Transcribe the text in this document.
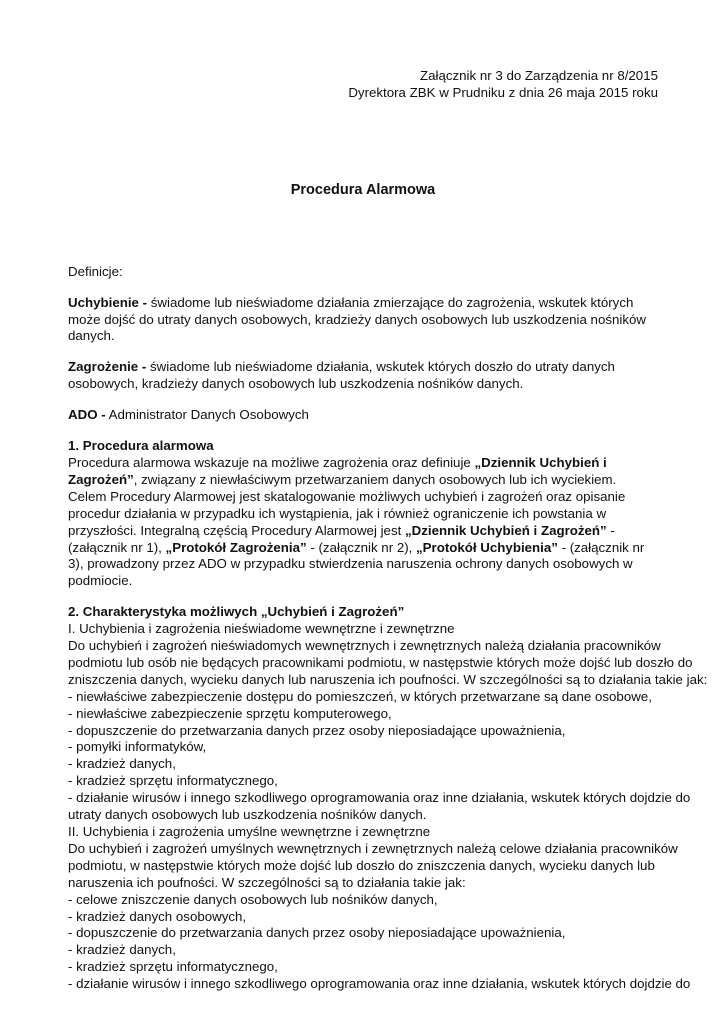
Załącznik nr 3 do Zarządzenia nr 8/2015
Dyrektora ZBK w Prudniku z dnia 26 maja 2015 roku
Procedura Alarmowa

Definicje:

Uchybienie - świadome lub nieświadome działania zmierzające do zagrożenia, wskutek których może dojść do utraty danych osobowych, kradzieży danych osobowych lub uszkodzenia nośników danych.

Zagrożenie - świadome lub nieświadome działania, wskutek których doszło do utraty danych osobowych, kradzieży danych osobowych lub uszkodzenia nośników danych.

ADO - Administrator Danych Osobowych

1. Procedura alarmowa

Procedura alarmowa wskazuje na możliwe zagrożenia oraz definiuje „Dziennik Uchybień i Zagrożeń”, związany z niewłaściwym przetwarzaniem danych osobowych lub ich wyciekiem. Celem Procedury Alarmowej jest skatalogowanie możliwych uchybień i zagrożeń oraz opisanie procedur działania w przypadku ich wystąpienia, jak i również ograniczenie ich powstania w przyszłości. Integralną częścią Procedury Alarmowej jest „Dziennik Uchybień i Zagrożeń” - (załącznik nr 1), „Protokół Zagrożenia” - (załącznik nr 2), „Protokół Uchybienia” - (załącznik nr 3), prowadzony przez ADO w przypadku stwierdzenia naruszenia ochrony danych osobowych w podmiocie.

2. Charakterystyka możliwych „Uchybień i Zagrożeń”
I. Uchybienia i zagrożenia nieświadome wewnętrzne i zewnętrzne
Do uchybień i zagrożeń nieświadomych wewnętrznych i zewnętrznych należą działania pracowników
podmiotu lub osób nie będących pracownikami podmiotu, w następstwie których może dojść lub doszło do
zniszczenia danych, wycieku danych lub naruszenia ich poufności. W szczególności są to działania takie jak:
- niewłaściwe zabezpieczenie dostępu do pomieszczeń, w których przetwarzane są dane osobowe,
- niewłaściwe zabezpieczenie sprzętu komputerowego,
- dopuszczenie do przetwarzania danych przez osoby nieposiadające upoważnienia,
- pomyłki informatyków,
- kradzież danych,
- kradzież sprzętu informatycznego,
- działanie wirusów i innego szkodliwego oprogramowania oraz inne działania, wskutek których dojdzie do
utraty danych osobowych lub uszkodzenia nośników danych.
II. Uchybienia i zagrożenia umyślne wewnętrzne i zewnętrzne
Do uchybień i zagrożeń umyślnych wewnętrznych i zewnętrznych należą celowe działania pracowników
podmiotu, w następstwie których może dojść lub doszło do zniszczenia danych, wycieku danych lub
naruszenia ich poufności. W szczególności są to działania takie jak:
- celowe zniszczenie danych osobowych lub nośników danych,
- kradzież danych osobowych,
- dopuszczenie do przetwarzania danych przez osoby nieposiadające upoważnienia,
- kradzież danych,
- kradzież sprzętu informatycznego,
- działanie wirusów i innego szkodliwego oprogramowania oraz inne działania, wskutek których dojdzie do
